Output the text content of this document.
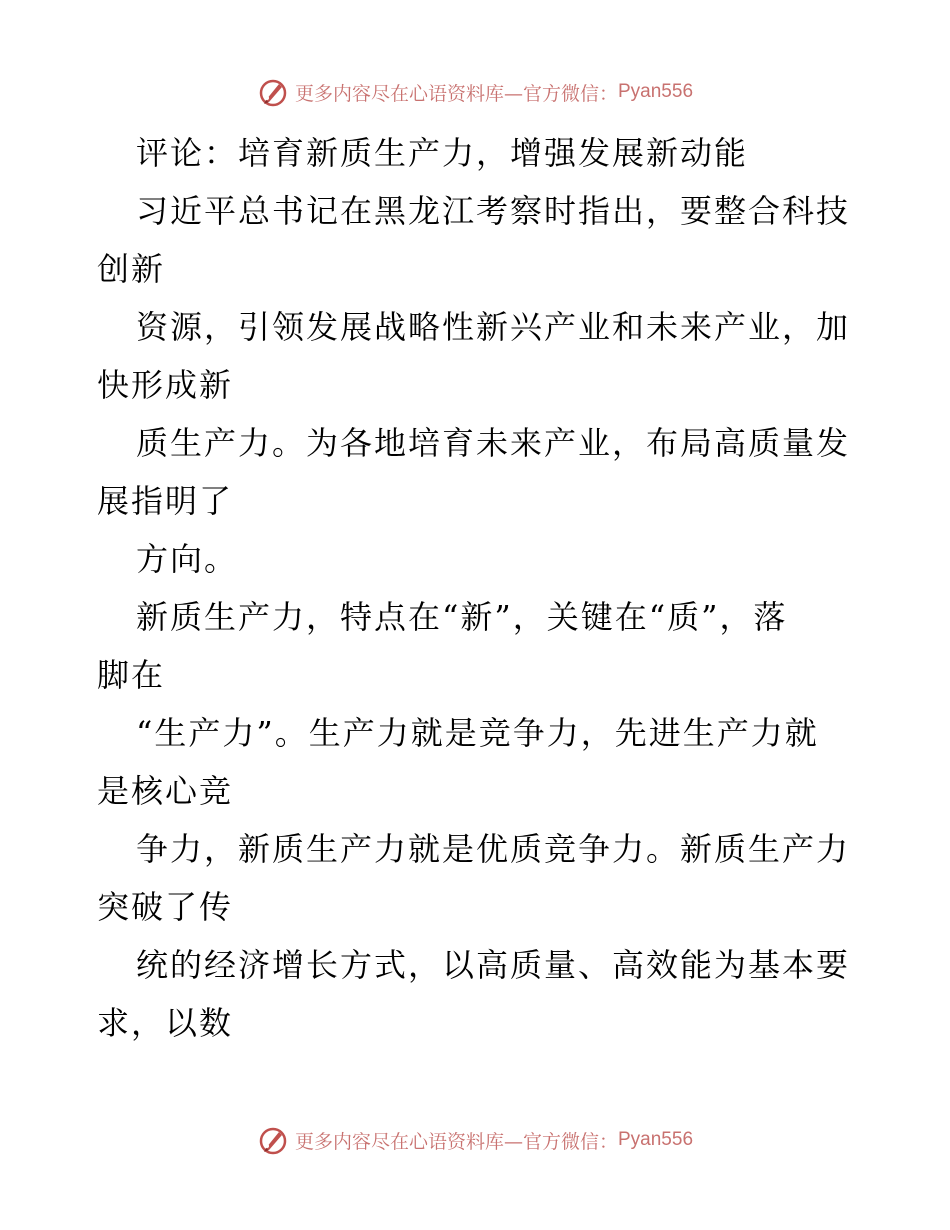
更多内容尽在心语资料库—官方微信： Pyan556
评论：培育新质生产力，增强发展新动能
习近平总书记在黑龙江考察时指出，要整合科技
创新
资源，引领发展战略性新兴产业和未来产业，加
快形成新
质生产力。为各地培育未来产业，布局高质量发
展指明了
方向。
新质生产力，特点在“新”，关键在“质”，落
脚在
“生产力”。生产力就是竞争力，先进生产力就
是核心竞
争力，新质生产力就是优质竞争力。新质生产力
突破了传
统的经济增长方式，以高质量、高效能为基本要
求，以数
更多内容尽在心语资料库—官方微信： Pyan556
